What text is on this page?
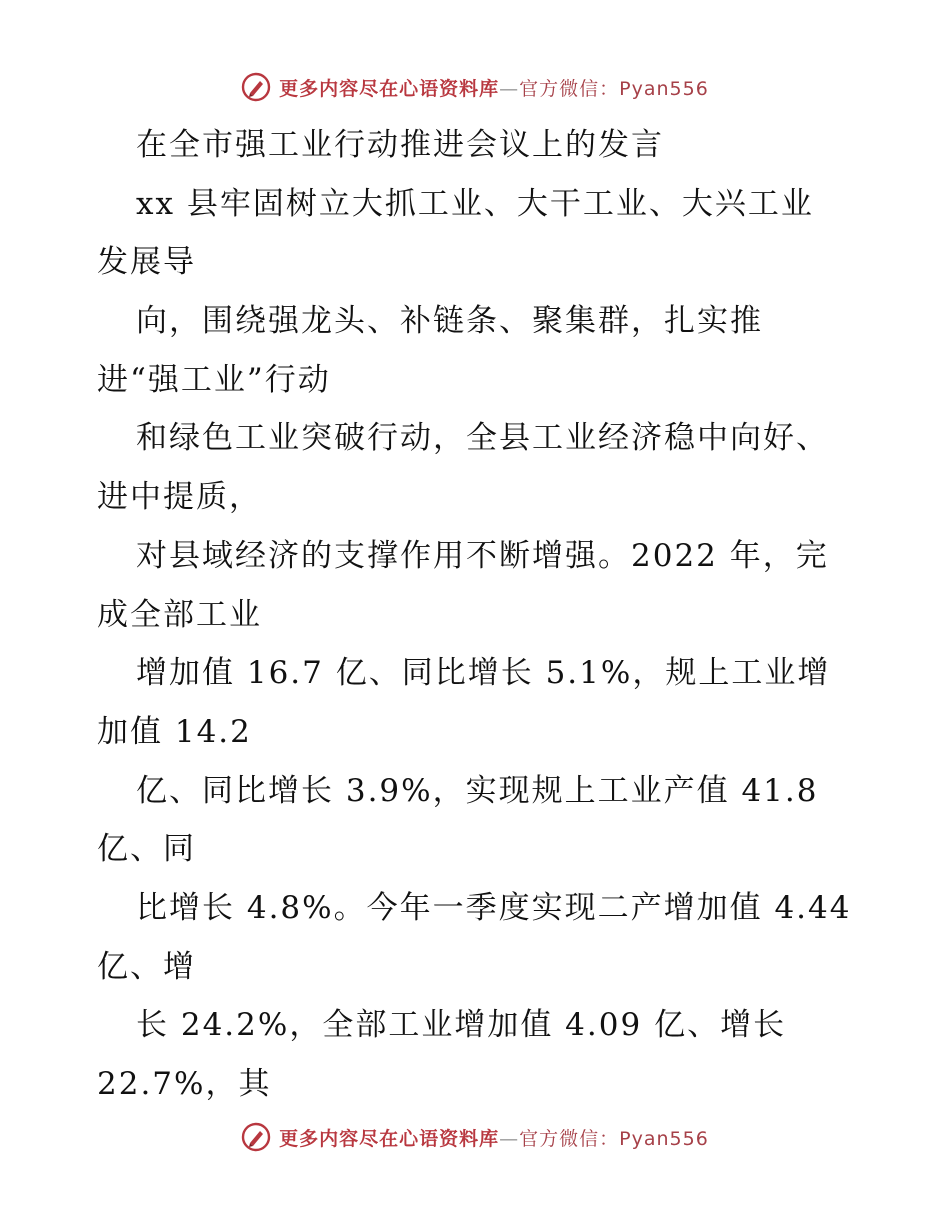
更多内容尽在心语资料库—官方微信：Pyan556
在全市强工业行动推进会议上的发言
xx 县牢固树立大抓工业、大干工业、大兴工业
发展导
向，围绕强龙头、补链条、聚集群，扎实推
进“强工业”行动
和绿色工业突破行动，全县工业经济稳中向好、
进中提质，
对县域经济的支撑作用不断增强。2022 年，完
成全部工业
增加值 16.7 亿、同比增长 5.1%，规上工业增
加值 14.2
亿、同比增长 3.9%，实现规上工业产值 41.8
亿、同
比增长 4.8%。今年一季度实现二产增加值 4.44
亿、增
长 24.2%，全部工业增加值 4.09 亿、增长
22.7%，其
更多内容尽在心语资料库—官方微信：Pyan556
